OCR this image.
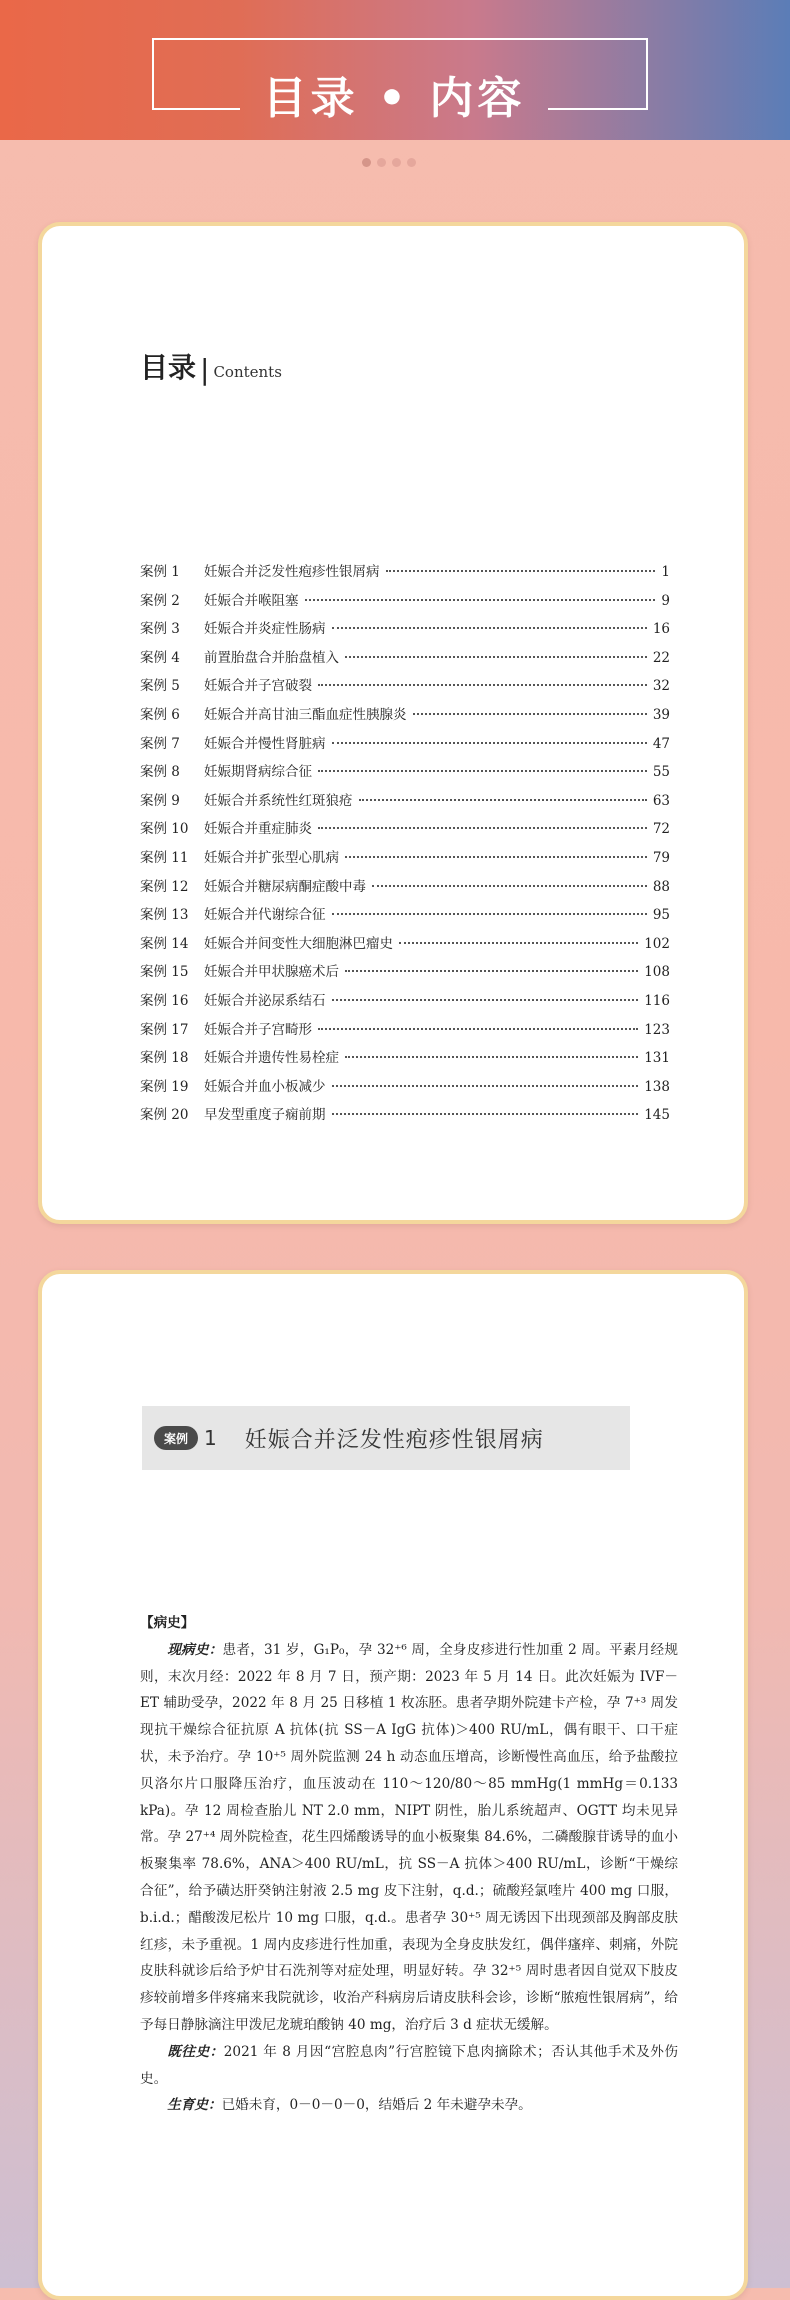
目录 • 内容
目录 | Contents
案例 1	妊娠合并泛发性疱疹性银屑病	1
案例 2	妊娠合并喉阻塞	9
案例 3	妊娠合并炎症性肠病	16
案例 4	前置胎盘合并胎盘植入	22
案例 5	妊娠合并子宫破裂	32
案例 6	妊娠合并高甘油三酯血症性胰腺炎	39
案例 7	妊娠合并慢性肾脏病	47
案例 8	妊娠期肾病综合征	55
案例 9	妊娠合并系统性红斑狼疮	63
案例 10	妊娠合并重症肺炎	72
案例 11	妊娠合并扩张型心肌病	79
案例 12	妊娠合并糖尿病酮症酸中毒	88
案例 13	妊娠合并代谢综合征	95
案例 14	妊娠合并间变性大细胞淋巴瘤史	102
案例 15	妊娠合并甲状腺癌术后	108
案例 16	妊娠合并泌尿系结石	116
案例 17	妊娠合并子宫畸形	123
案例 18	妊娠合并遗传性易栓症	131
案例 19	妊娠合并血小板减少	138
案例 20	早发型重度子痫前期	145
案例 1 妊娠合并泛发性疱疹性银屑病
【病史】

现病史：患者，31 岁，G₁P₀，孕 32⁺⁶ 周，全身皮疹进行性加重 2 周。平素月经规则，末次月经：2022 年 8 月 7 日，预产期：2023 年 5 月 14 日。此次妊娠为 IVF－ET 辅助受孕，2022 年 8 月 25 日移植 1 枚冻胚。患者孕期外院建卡产检，孕 7⁺³ 周发现抗干燥综合征抗原 A 抗体(抗 SS－A IgG 抗体)＞400 RU/mL，偶有眼干、口干症状，未予治疗。孕 10⁺⁵ 周外院监测 24 h 动态血压增高，诊断慢性高血压，给予盐酸拉贝洛尔片口服降压治疗，血压波动在 110～120/80～85 mmHg(1 mmHg＝0.133 kPa)。孕 12 周检查胎儿 NT 2.0 mm，NIPT 阴性，胎儿系统超声、OGTT 均未见异常。孕 27⁺⁴ 周外院检查，花生四烯酸诱导的血小板聚集 84.6%，二磷酸腺苷诱导的血小板聚集率 78.6%，ANA＞400 RU/mL，抗 SS－A 抗体＞400 RU/mL，诊断“干燥综合征”，给予磺达肝癸钠注射液 2.5 mg 皮下注射，q.d.；硫酸羟氯喹片 400 mg 口服，b.i.d.；醋酸泼尼松片 10 mg 口服，q.d.。患者孕 30⁺⁵ 周无诱因下出现颈部及胸部皮肤红疹，未予重视。1 周内皮疹进行性加重，表现为全身皮肤发红，偶伴瘙痒、刺痛，外院皮肤科就诊后给予炉甘石洗剂等对症处理，明显好转。孕 32⁺⁵ 周时患者因自觉双下肢皮疹较前增多伴疼痛来我院就诊，收治产科病房后请皮肤科会诊，诊断“脓疱性银屑病”，给予每日静脉滴注甲泼尼龙琥珀酸钠 40 mg，治疗后 3 d 症状无缓解。

既往史：2021 年 8 月因“宫腔息肉”行宫腔镜下息肉摘除术；否认其他手术及外伤史。

生育史：已婚未育，0－0－0－0，结婚后 2 年未避孕未孕。
